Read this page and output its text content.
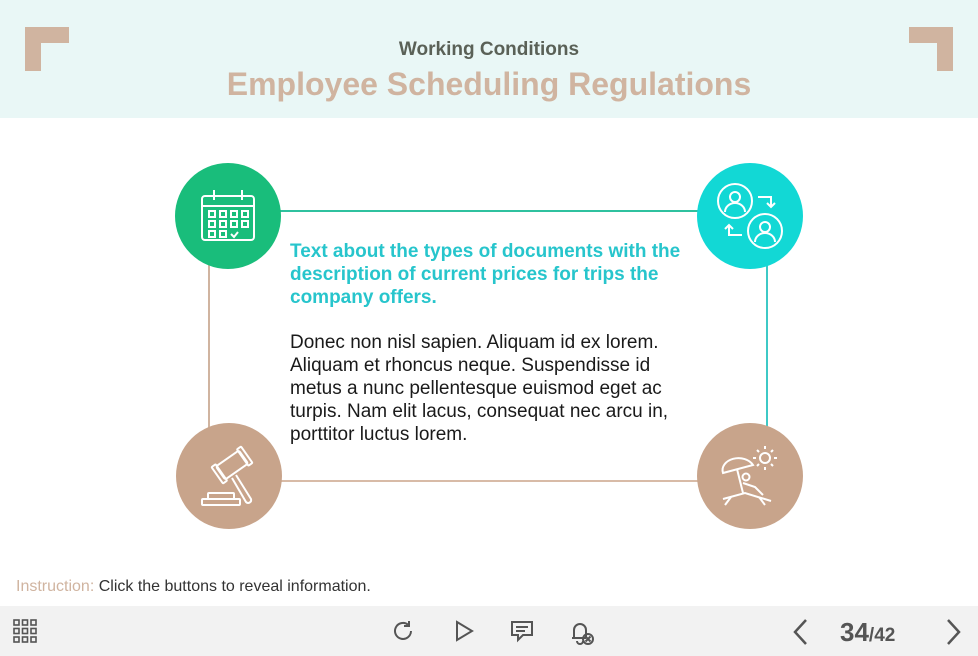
Working Conditions
Employee Scheduling Regulations

Text about the types of documents with the description of current prices for trips the company offers.

Donec non nisl sapien. Aliquam id ex lorem. Aliquam et rhoncus neque. Suspendisse id metus a nunc pellentesque euismod eget ac turpis. Nam elit lacus, consequat nec arcu in, porttitor luctus lorem.

Instruction: Click the buttons to reveal information.
34/42
